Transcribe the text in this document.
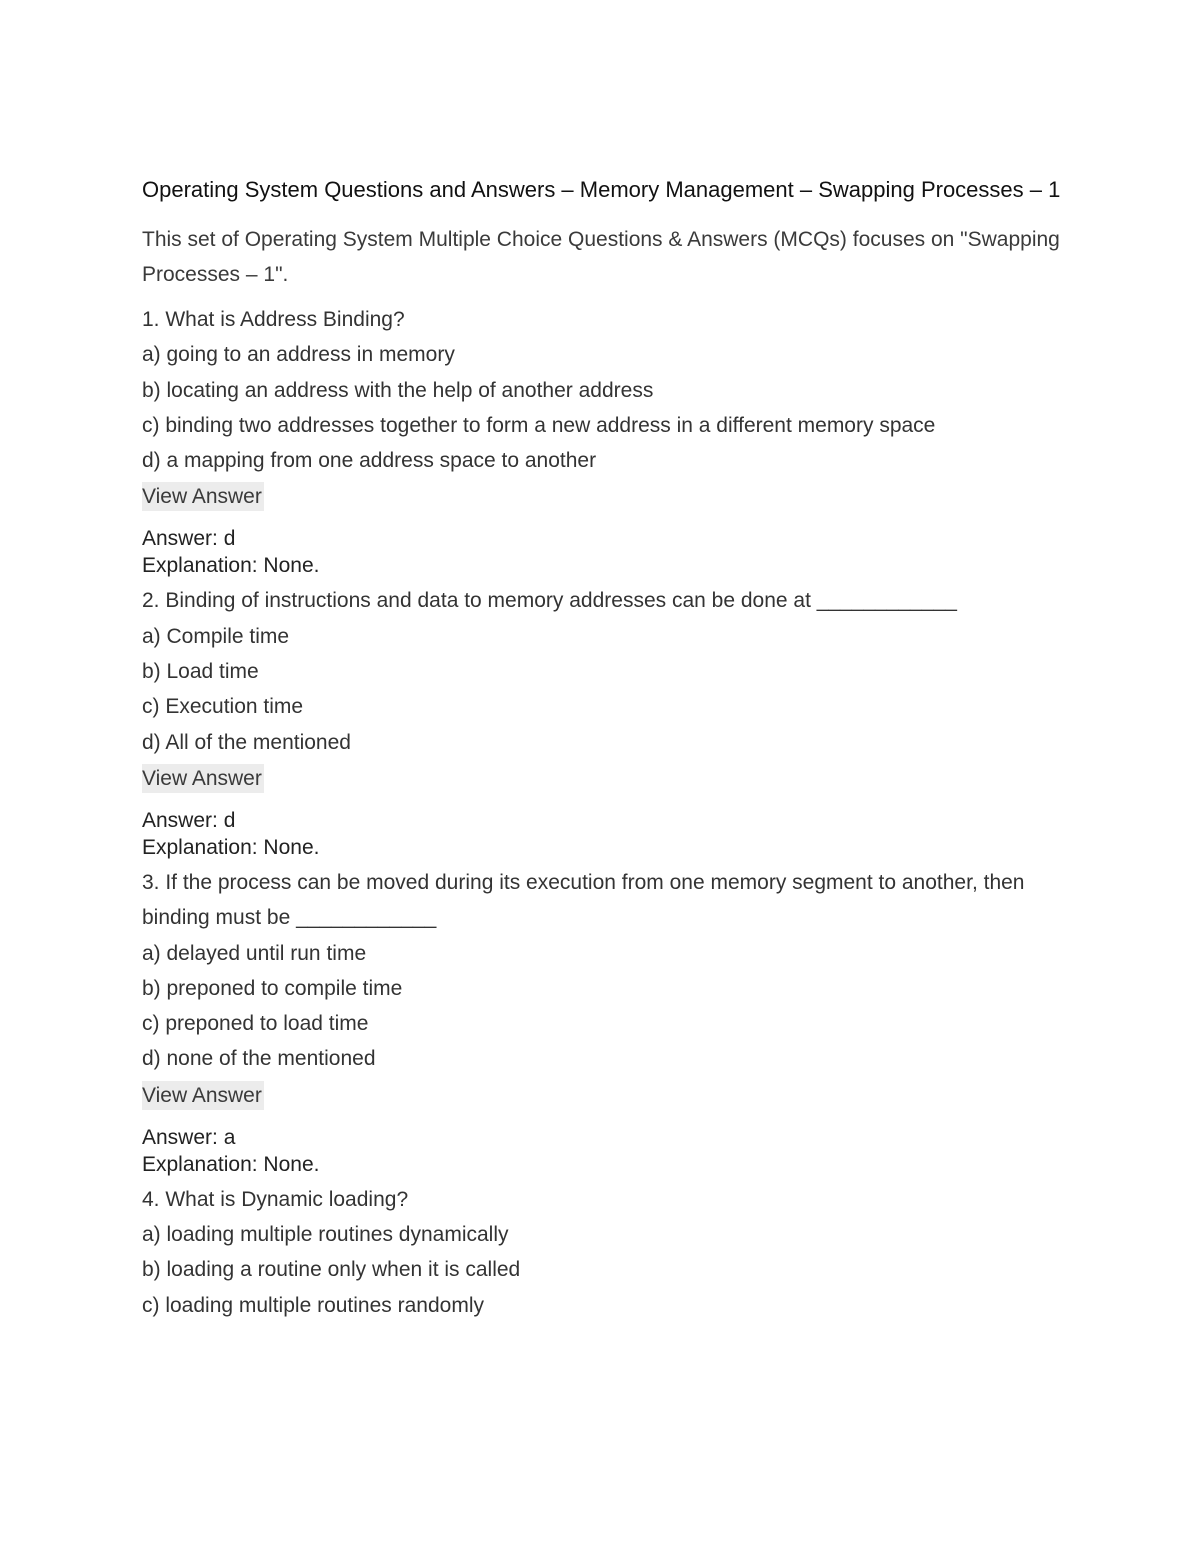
Operating System Questions and Answers – Memory Management – Swapping Processes – 1

This set of Operating System Multiple Choice Questions & Answers (MCQs) focuses on "Swapping Processes – 1".

1. What is Address Binding?

a) going to an address in memory

b) locating an address with the help of another address

c) binding two addresses together to form a new address in a different memory space

d) a mapping from one address space to another

View Answer

Answer: d

Explanation: None.

2. Binding of instructions and data to memory addresses can be done at ____________

a) Compile time

b) Load time

c) Execution time

d) All of the mentioned

View Answer

Answer: d

Explanation: None.

3. If the process can be moved during its execution from one memory segment to another, then binding must be ____________

a) delayed until run time

b) preponed to compile time

c) preponed to load time

d) none of the mentioned

View Answer

Answer: a

Explanation: None.

4. What is Dynamic loading?

a) loading multiple routines dynamically

b) loading a routine only when it is called

c) loading multiple routines randomly
